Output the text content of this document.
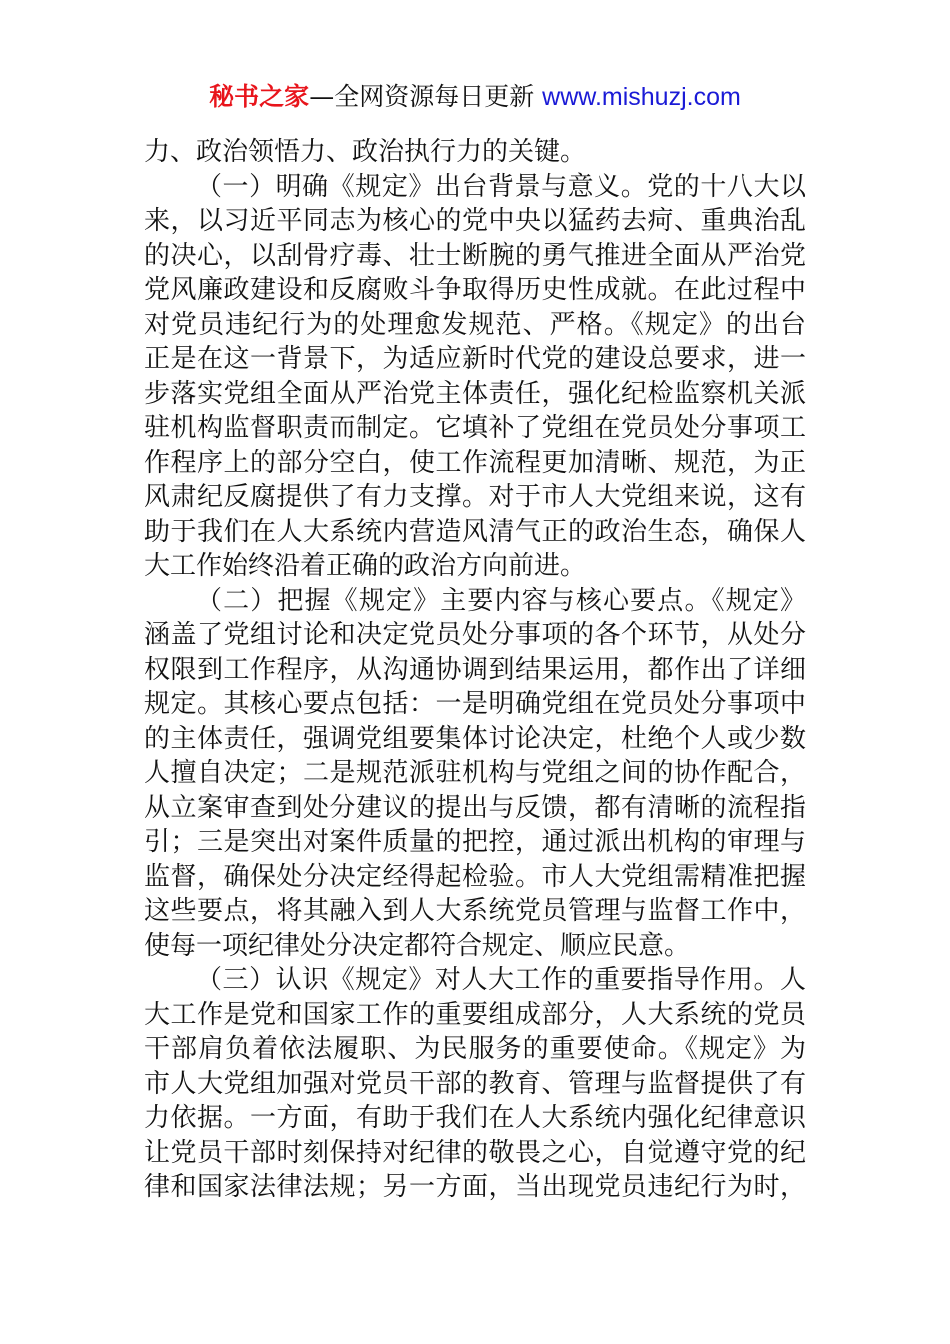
秘书之家—全网资源每日更新 www.mishuzj.com
力、政治领悟力、政治执行力的关键。
（一）明确《规定》出台背景与意义。党的十八大以
来，以习近平同志为核心的党中央以猛药去疴、重典治乱
的决心，以刮骨疗毒、壮士断腕的勇气推进全面从严治党
党风廉政建设和反腐败斗争取得历史性成就。在此过程中
对党员违纪行为的处理愈发规范、严格。《规定》的出台
正是在这一背景下，为适应新时代党的建设总要求，进一
步落实党组全面从严治党主体责任，强化纪检监察机关派
驻机构监督职责而制定。它填补了党组在党员处分事项工
作程序上的部分空白，使工作流程更加清晰、规范，为正
风肃纪反腐提供了有力支撑。对于市人大党组来说，这有
助于我们在人大系统内营造风清气正的政治生态，确保人
大工作始终沿着正确的政治方向前进。
（二）把握《规定》主要内容与核心要点。《规定》
涵盖了党组讨论和决定党员处分事项的各个环节，从处分
权限到工作程序，从沟通协调到结果运用，都作出了详细
规定。其核心要点包括：一是明确党组在党员处分事项中
的主体责任，强调党组要集体讨论决定，杜绝个人或少数
人擅自决定；二是规范派驻机构与党组之间的协作配合，
从立案审查到处分建议的提出与反馈，都有清晰的流程指
引；三是突出对案件质量的把控，通过派出机构的审理与
监督，确保处分决定经得起检验。市人大党组需精准把握
这些要点，将其融入到人大系统党员管理与监督工作中，
使每一项纪律处分决定都符合规定、顺应民意。
（三）认识《规定》对人大工作的重要指导作用。人
大工作是党和国家工作的重要组成部分，人大系统的党员
干部肩负着依法履职、为民服务的重要使命。《规定》为
市人大党组加强对党员干部的教育、管理与监督提供了有
力依据。一方面，有助于我们在人大系统内强化纪律意识
让党员干部时刻保持对纪律的敬畏之心，自觉遵守党的纪
律和国家法律法规；另一方面，当出现党员违纪行为时，
